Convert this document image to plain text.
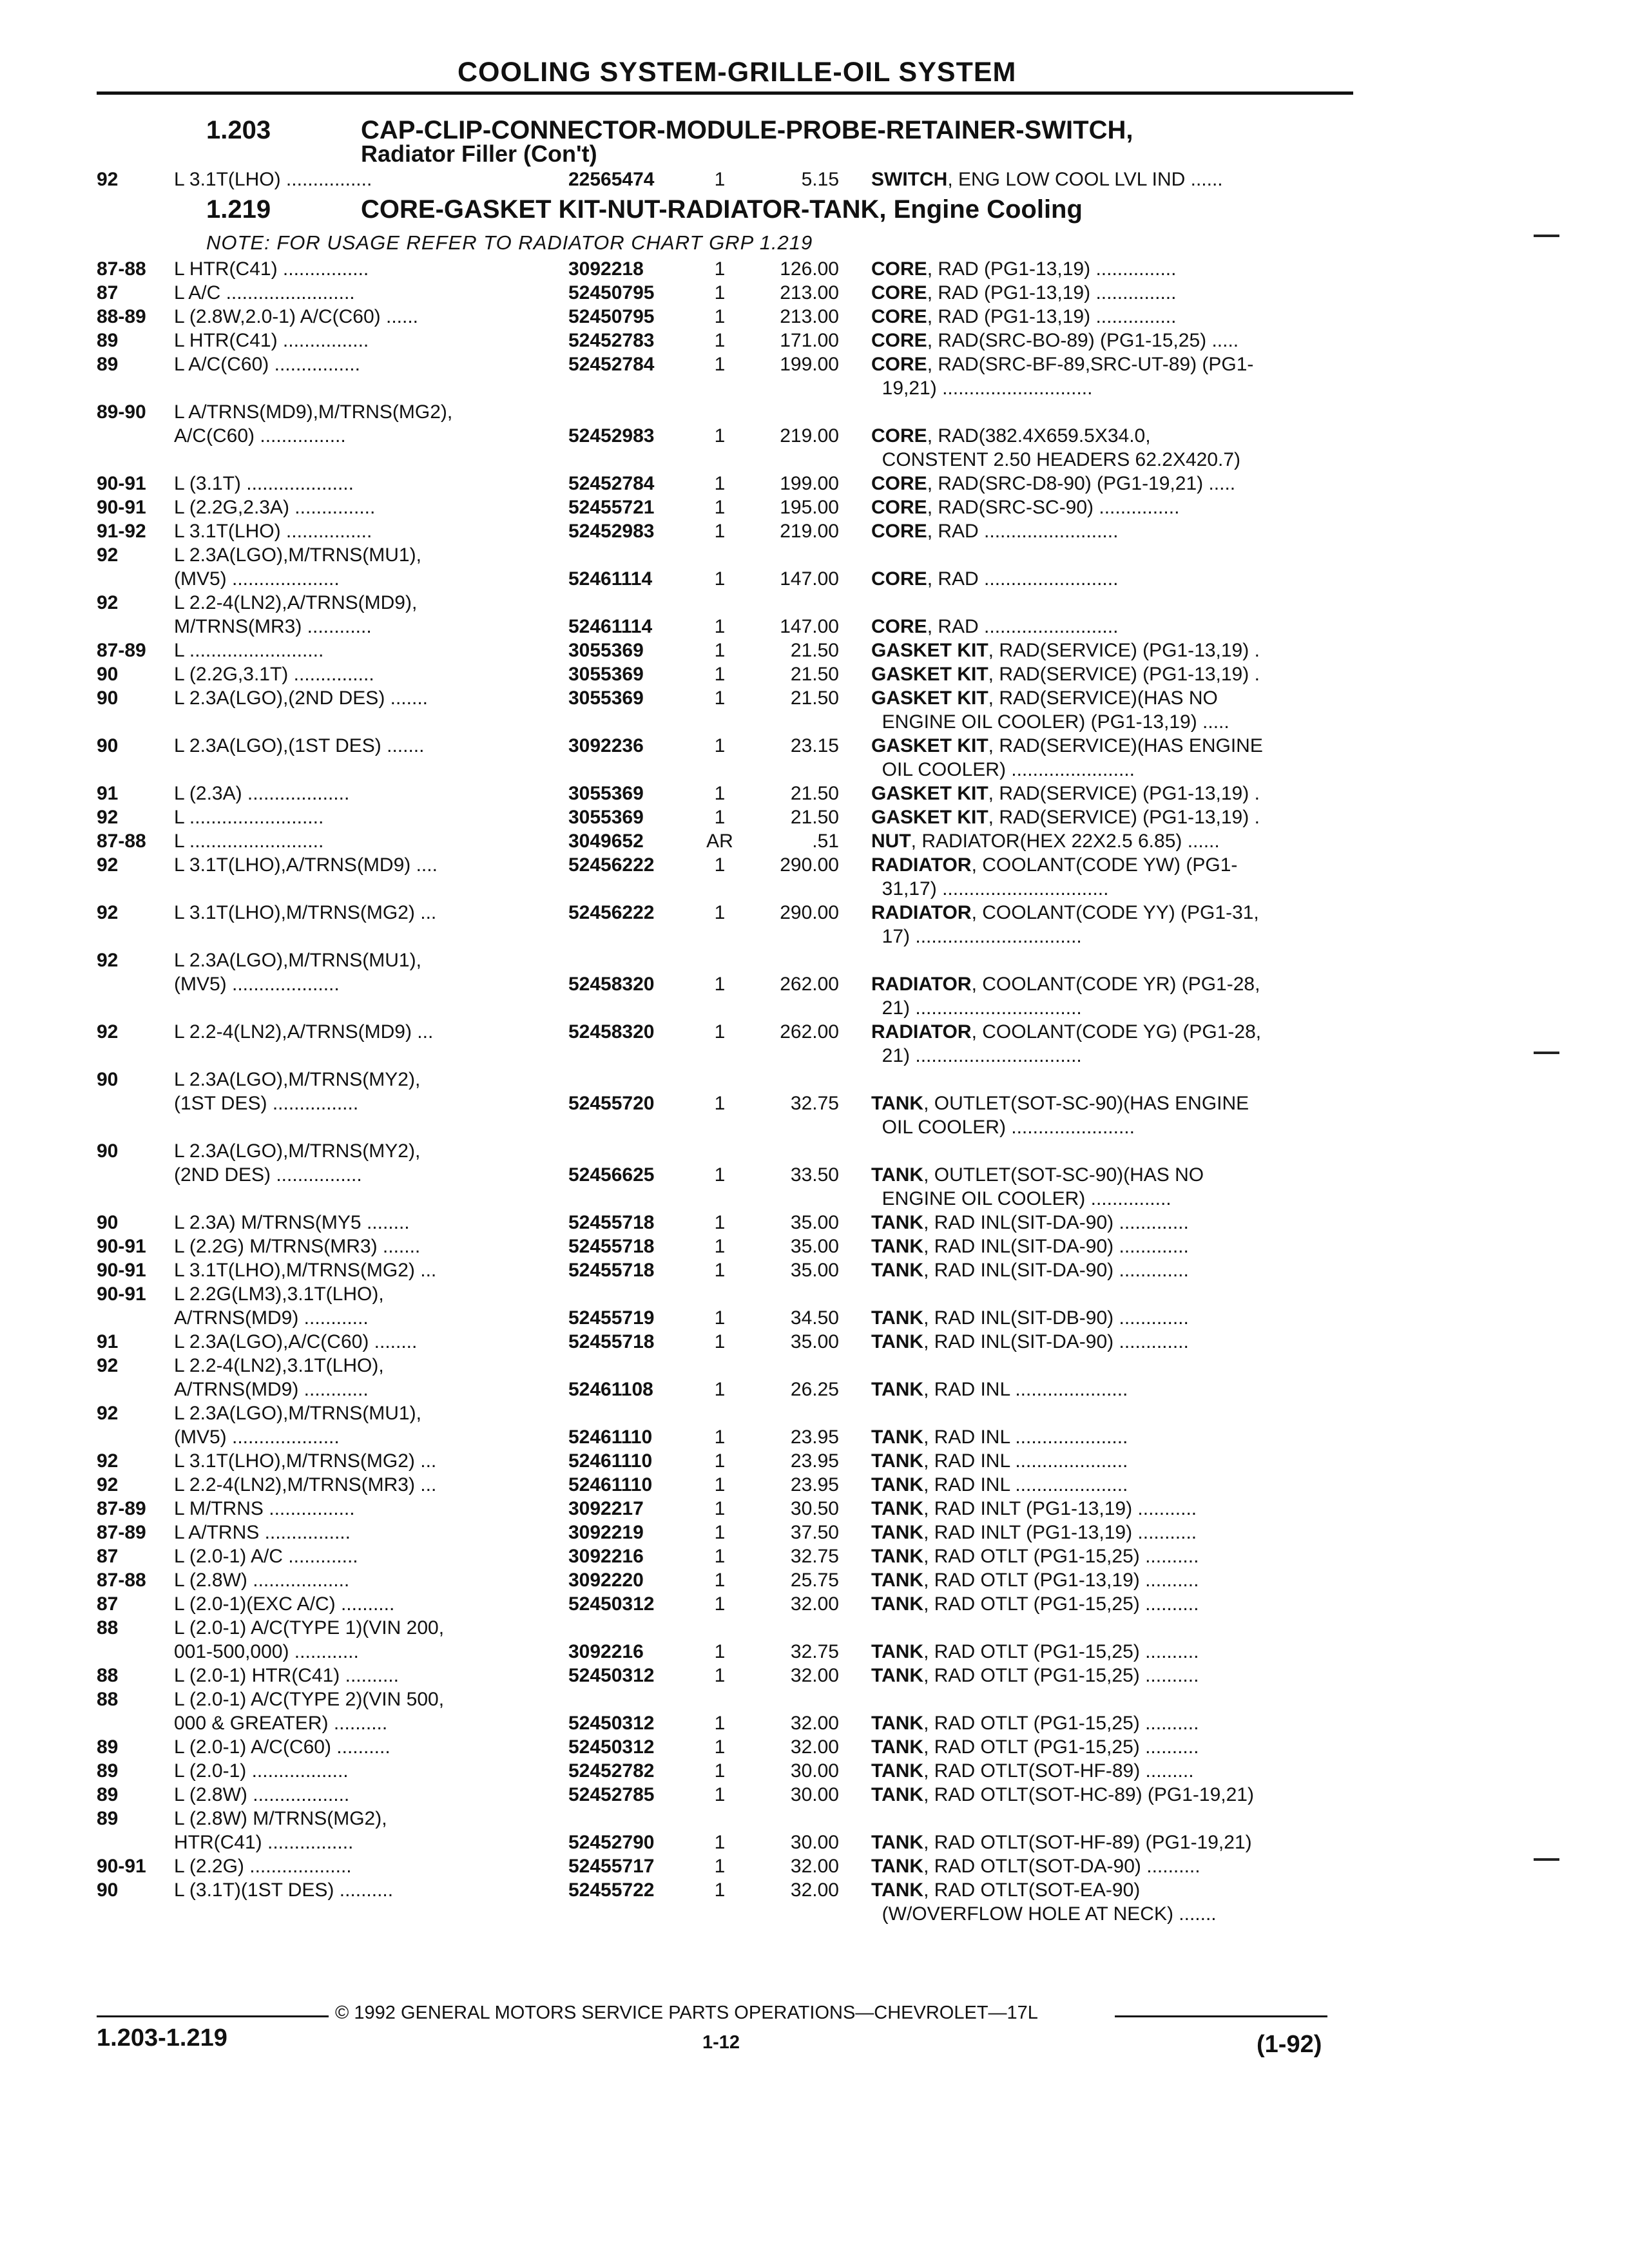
COOLING SYSTEM-GRILLE-OIL SYSTEM
1.203	CAP-CLIP-CONNECTOR-MODULE-PROBE-RETAINER-SWITCH,
Radiator Filler (Con't)
92	L 3.1T(LHO) ................	22565474	1	5.15	SWITCH, ENG LOW COOL LVL IND ......
1.219	CORE-GASKET KIT-NUT-RADIATOR-TANK, Engine Cooling
NOTE: FOR USAGE REFER TO RADIATOR CHART GRP 1.219
87-88	L HTR(C41) ................	3092218	1	126.00	CORE, RAD (PG1-13,19) ...............
87	L A/C ........................	52450795	1	213.00	CORE, RAD (PG1-13,19) ...............
88-89	L (2.8W,2.0-1) A/C(C60) ......	52450795	1	213.00	CORE, RAD (PG1-13,19) ...............
89	L HTR(C41) ................	52452783	1	171.00	CORE, RAD(SRC-BO-89) (PG1-15,25) .....
89	L A/C(C60) ................	52452784	1	199.00	CORE, RAD(SRC-BF-89,SRC-UT-89) (PG1-
19,21) ............................
89-90	L A/TRNS(MD9),M/TRNS(MG2),
A/C(C60) ................	52452983	1	219.00	CORE, RAD(382.4X659.5X34.0,
CONSTENT 2.50 HEADERS 62.2X420.7)
90-91	L (3.1T) ....................	52452784	1	199.00	CORE, RAD(SRC-D8-90) (PG1-19,21) .....
90-91	L (2.2G,2.3A) ...............	52455721	1	195.00	CORE, RAD(SRC-SC-90) ...............
91-92	L 3.1T(LHO) ................	52452983	1	219.00	CORE, RAD .........................
92	L 2.3A(LGO),M/TRNS(MU1),
(MV5) ....................	52461114	1	147.00	CORE, RAD .........................
92	L 2.2-4(LN2),A/TRNS(MD9),
M/TRNS(MR3) ............	52461114	1	147.00	CORE, RAD .........................
87-89	L .........................	3055369	1	21.50	GASKET KIT, RAD(SERVICE) (PG1-13,19) .
90	L (2.2G,3.1T) ...............	3055369	1	21.50	GASKET KIT, RAD(SERVICE) (PG1-13,19) .
90	L 2.3A(LGO),(2ND DES) .......	3055369	1	21.50	GASKET KIT, RAD(SERVICE)(HAS NO
ENGINE OIL COOLER) (PG1-13,19) .....
90	L 2.3A(LGO),(1ST DES) .......	3092236	1	23.15	GASKET KIT, RAD(SERVICE)(HAS ENGINE
OIL COOLER) .......................
91	L (2.3A) ...................	3055369	1	21.50	GASKET KIT, RAD(SERVICE) (PG1-13,19) .
92	L .........................	3055369	1	21.50	GASKET KIT, RAD(SERVICE) (PG1-13,19) .
87-88	L .........................	3049652	AR	.51	NUT, RADIATOR(HEX 22X2.5 6.85) ......
92	L 3.1T(LHO),A/TRNS(MD9) ....	52456222	1	290.00	RADIATOR, COOLANT(CODE YW) (PG1-
31,17) ...............................
92	L 3.1T(LHO),M/TRNS(MG2) ...	52456222	1	290.00	RADIATOR, COOLANT(CODE YY) (PG1-31,
17) ...............................
92	L 2.3A(LGO),M/TRNS(MU1),
(MV5) ....................	52458320	1	262.00	RADIATOR, COOLANT(CODE YR) (PG1-28,
21) ...............................
92	L 2.2-4(LN2),A/TRNS(MD9) ...	52458320	1	262.00	RADIATOR, COOLANT(CODE YG) (PG1-28,
21) ...............................
90	L 2.3A(LGO),M/TRNS(MY2),
(1ST DES) ................	52455720	1	32.75	TANK, OUTLET(SOT-SC-90)(HAS ENGINE
OIL COOLER) .......................
90	L 2.3A(LGO),M/TRNS(MY2),
(2ND DES) ................	52456625	1	33.50	TANK, OUTLET(SOT-SC-90)(HAS NO
ENGINE OIL COOLER) ...............
90	L 2.3A) M/TRNS(MY5 ........	52455718	1	35.00	TANK, RAD INL(SIT-DA-90) .............
90-91	L (2.2G) M/TRNS(MR3) .......	52455718	1	35.00	TANK, RAD INL(SIT-DA-90) .............
90-91	L 3.1T(LHO),M/TRNS(MG2) ...	52455718	1	35.00	TANK, RAD INL(SIT-DA-90) .............
90-91	L 2.2G(LM3),3.1T(LHO),
A/TRNS(MD9) ............	52455719	1	34.50	TANK, RAD INL(SIT-DB-90) .............
91	L 2.3A(LGO),A/C(C60) ........	52455718	1	35.00	TANK, RAD INL(SIT-DA-90) .............
92	L 2.2-4(LN2),3.1T(LHO),
A/TRNS(MD9) ............	52461108	1	26.25	TANK, RAD INL .....................
92	L 2.3A(LGO),M/TRNS(MU1),
(MV5) ....................	52461110	1	23.95	TANK, RAD INL .....................
92	L 3.1T(LHO),M/TRNS(MG2) ...	52461110	1	23.95	TANK, RAD INL .....................
92	L 2.2-4(LN2),M/TRNS(MR3) ...	52461110	1	23.95	TANK, RAD INL .....................
87-89	L M/TRNS ................	3092217	1	30.50	TANK, RAD INLT (PG1-13,19) ...........
87-89	L A/TRNS ................	3092219	1	37.50	TANK, RAD INLT (PG1-13,19) ...........
87	L (2.0-1) A/C .............	3092216	1	32.75	TANK, RAD OTLT (PG1-15,25) ..........
87-88	L (2.8W) ..................	3092220	1	25.75	TANK, RAD OTLT (PG1-13,19) ..........
87	L (2.0-1)(EXC A/C) ..........	52450312	1	32.00	TANK, RAD OTLT (PG1-15,25) ..........
88	L (2.0-1) A/C(TYPE 1)(VIN 200,
001-500,000) ............	3092216	1	32.75	TANK, RAD OTLT (PG1-15,25) ..........
88	L (2.0-1) HTR(C41) ..........	52450312	1	32.00	TANK, RAD OTLT (PG1-15,25) ..........
88	L (2.0-1) A/C(TYPE 2)(VIN 500,
000 & GREATER) ..........	52450312	1	32.00	TANK, RAD OTLT (PG1-15,25) ..........
89	L (2.0-1) A/C(C60) ..........	52450312	1	32.00	TANK, RAD OTLT (PG1-15,25) ..........
89	L (2.0-1) ..................	52452782	1	30.00	TANK, RAD OTLT(SOT-HF-89) .........
89	L (2.8W) ..................	52452785	1	30.00	TANK, RAD OTLT(SOT-HC-89) (PG1-19,21)
89	L (2.8W) M/TRNS(MG2),
HTR(C41) ................	52452790	1	30.00	TANK, RAD OTLT(SOT-HF-89) (PG1-19,21)
90-91	L (2.2G) ...................	52455717	1	32.00	TANK, RAD OTLT(SOT-DA-90) ..........
90	L (3.1T)(1ST DES) ..........	52455722	1	32.00	TANK, RAD OTLT(SOT-EA-90)
(W/OVERFLOW HOLE AT NECK) .......
© 1992 GENERAL MOTORS SERVICE PARTS OPERATIONS—CHEVROLET—17L
1.203-1.219	1-12	(1-92)
